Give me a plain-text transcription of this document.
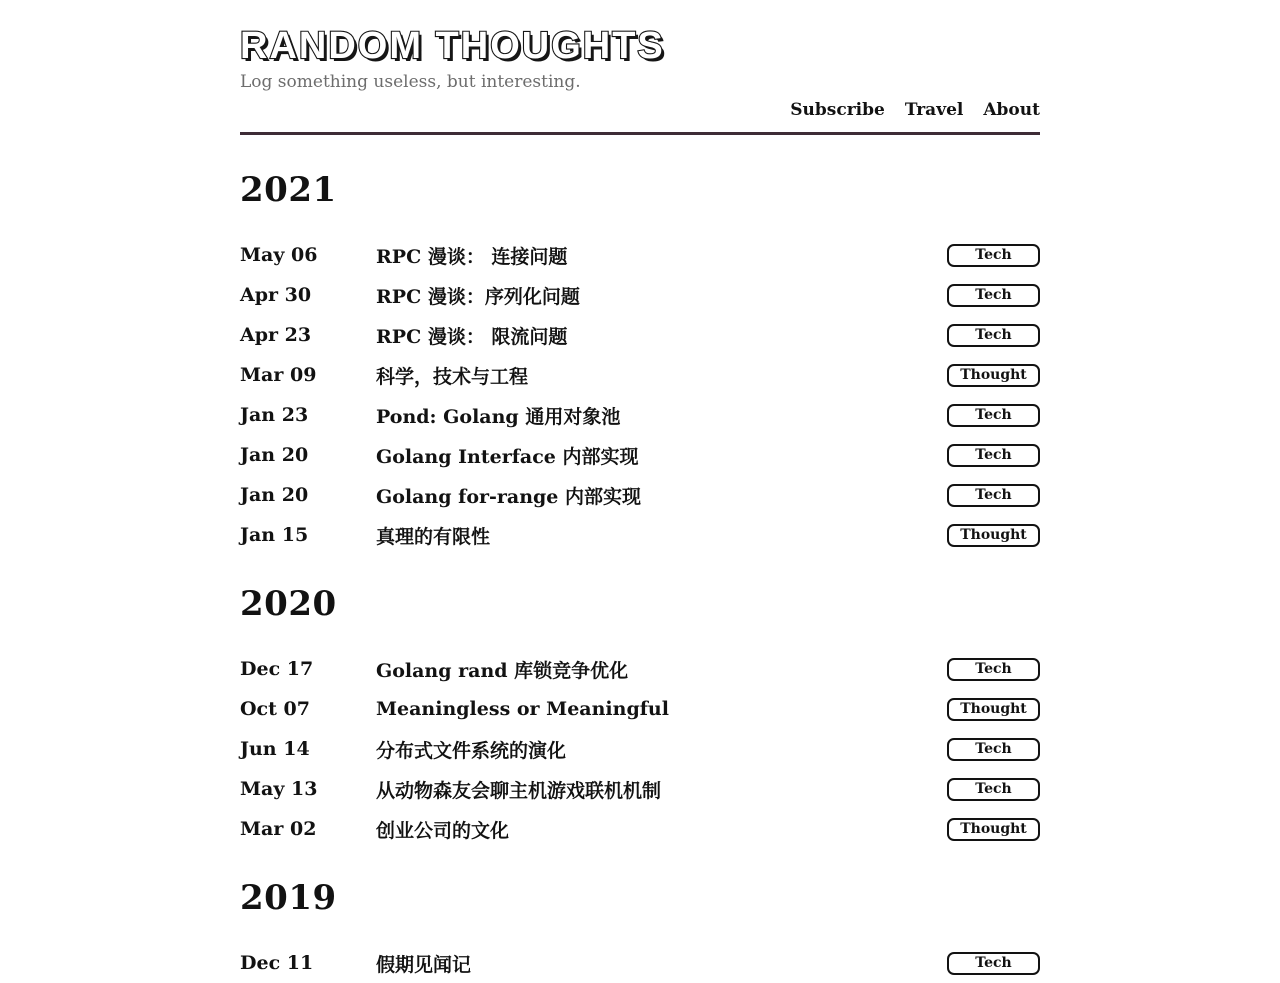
RANDOM THOUGHTS

Log something useless, but interesting.

Subscribe Travel About
2021
May 06	RPC 漫谈： 连接问题	Tech
Apr 30	RPC 漫谈：序列化问题	Tech
Apr 23	RPC 漫谈： 限流问题	Tech
Mar 09	科学，技术与工程	Thought
Jan 23	Pond: Golang 通用对象池	Tech
Jan 20	Golang Interface 内部实现	Tech
Jan 20	Golang for-range 内部实现	Tech
Jan 15	真理的有限性	Thought
2020
Dec 17	Golang rand 库锁竞争优化	Tech
Oct 07	Meaningless or Meaningful	Thought
Jun 14	分布式文件系统的演化	Tech
May 13	从动物森友会聊主机游戏联机机制	Tech
Mar 02	创业公司的文化	Thought
2019
Dec 11	假期见闻记	Tech
